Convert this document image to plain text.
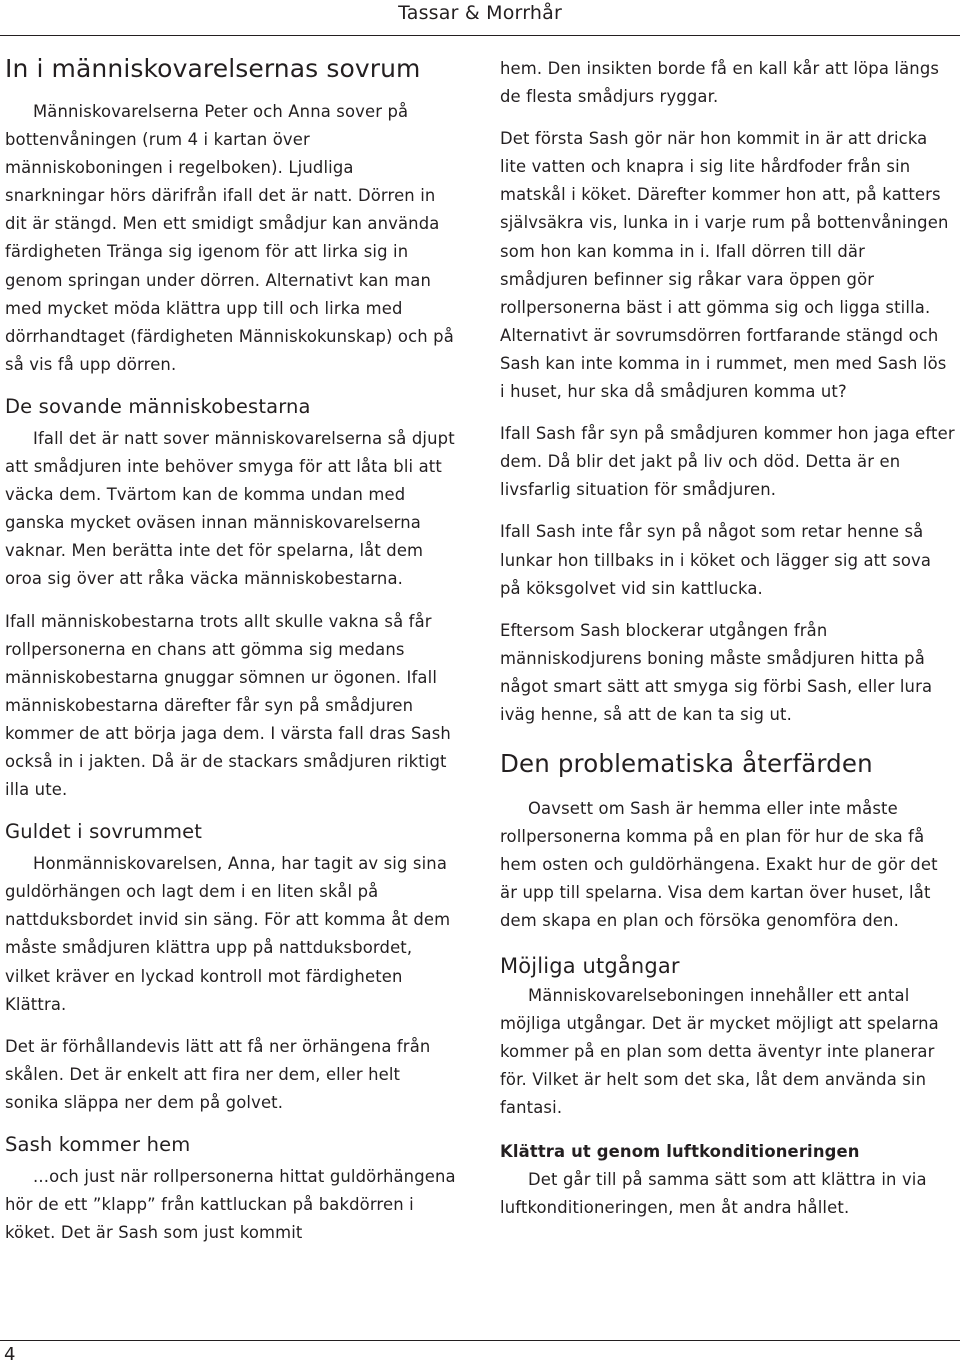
Tassar & Morrhår
In i människovarelsernas sovrum

Människovarelserna Peter och Anna sover på bottenvåningen (rum 4 i kartan över människoboningen i regelboken). Ljudliga snarkningar hörs därifrån ifall det är natt. Dörren in dit är stängd. Men ett smidigt smådjur kan använda färdigheten Tränga sig igenom för att lirka sig in genom springan under dörren. Alternativt kan man med mycket möda klättra upp till och lirka med dörrhandtaget (färdigheten Människokunskap) och på så vis få upp dörren.

De sovande människobestarna

Ifall det är natt sover människovarelserna så djupt att smådjuren inte behöver smyga för att låta bli att väcka dem. Tvärtom kan de komma undan med ganska mycket oväsen innan människovarelserna vaknar. Men berätta inte det för spelarna, låt dem oroa sig över att råka väcka människobestarna.

Ifall människobestarna trots allt skulle vakna så får rollpersonerna en chans att gömma sig medans människobestarna gnuggar sömnen ur ögonen. Ifall människobestarna därefter får syn på smådjuren kommer de att börja jaga dem. I värsta fall dras Sash också in i jakten. Då är de stackars smådjuren riktigt illa ute.

Guldet i sovrummet

Honmänniskovarelsen, Anna, har tagit av sig sina guldörhängen och lagt dem i en liten skål på nattduksbordet invid sin säng. För att komma åt dem måste smådjuren klättra upp på nattduksbordet, vilket kräver en lyckad kontroll mot färdigheten Klättra.

Det är förhållandevis lätt att få ner örhängena från skålen. Det är enkelt att fira ner dem, eller helt sonika släppa ner dem på golvet.

Sash kommer hem

...och just när rollpersonerna hittat guldörhängena hör de ett ”klapp” från kattluckan på bakdörren i köket. Det är Sash som just kommit

hem. Den insikten borde få en kall kår att löpa längs de flesta smådjurs ryggar.

Det första Sash gör när hon kommit in är att dricka lite vatten och knapra i sig lite hårdfoder från sin matskål i köket. Därefter kommer hon att, på katters självsäkra vis, lunka in i varje rum på bottenvåningen som hon kan komma in i. Ifall dörren till där smådjuren befinner sig råkar vara öppen gör rollpersonerna bäst i att gömma sig och ligga stilla. Alternativt är sovrumsdörren fortfarande stängd och Sash kan inte komma in i rummet, men med Sash lös i huset, hur ska då smådjuren komma ut?

Ifall Sash får syn på smådjuren kommer hon jaga efter dem. Då blir det jakt på liv och död. Detta är en livsfarlig situation för smådjuren.

Ifall Sash inte får syn på något som retar henne så lunkar hon tillbaks in i köket och lägger sig att sova på köksgolvet vid sin kattlucka.

Eftersom Sash blockerar utgången från människodjurens boning måste smådjuren hitta på något smart sätt att smyga sig förbi Sash, eller lura iväg henne, så att de kan ta sig ut.

Den problematiska återfärden

Oavsett om Sash är hemma eller inte måste rollpersonerna komma på en plan för hur de ska få hem osten och guldörhängena. Exakt hur de gör det är upp till spelarna. Visa dem kartan över huset, låt dem skapa en plan och försöka genomföra den.

Möjliga utgångar

Människovarelseboningen innehåller ett antal möjliga utgångar. Det är mycket möjligt att spelarna kommer på en plan som detta äventyr inte planerar för. Vilket är helt som det ska, låt dem använda sin fantasi.

Klättra ut genom luftkonditioneringen

Det går till på samma sätt som att klättra in via luftkonditioneringen, men åt andra hållet.

4
